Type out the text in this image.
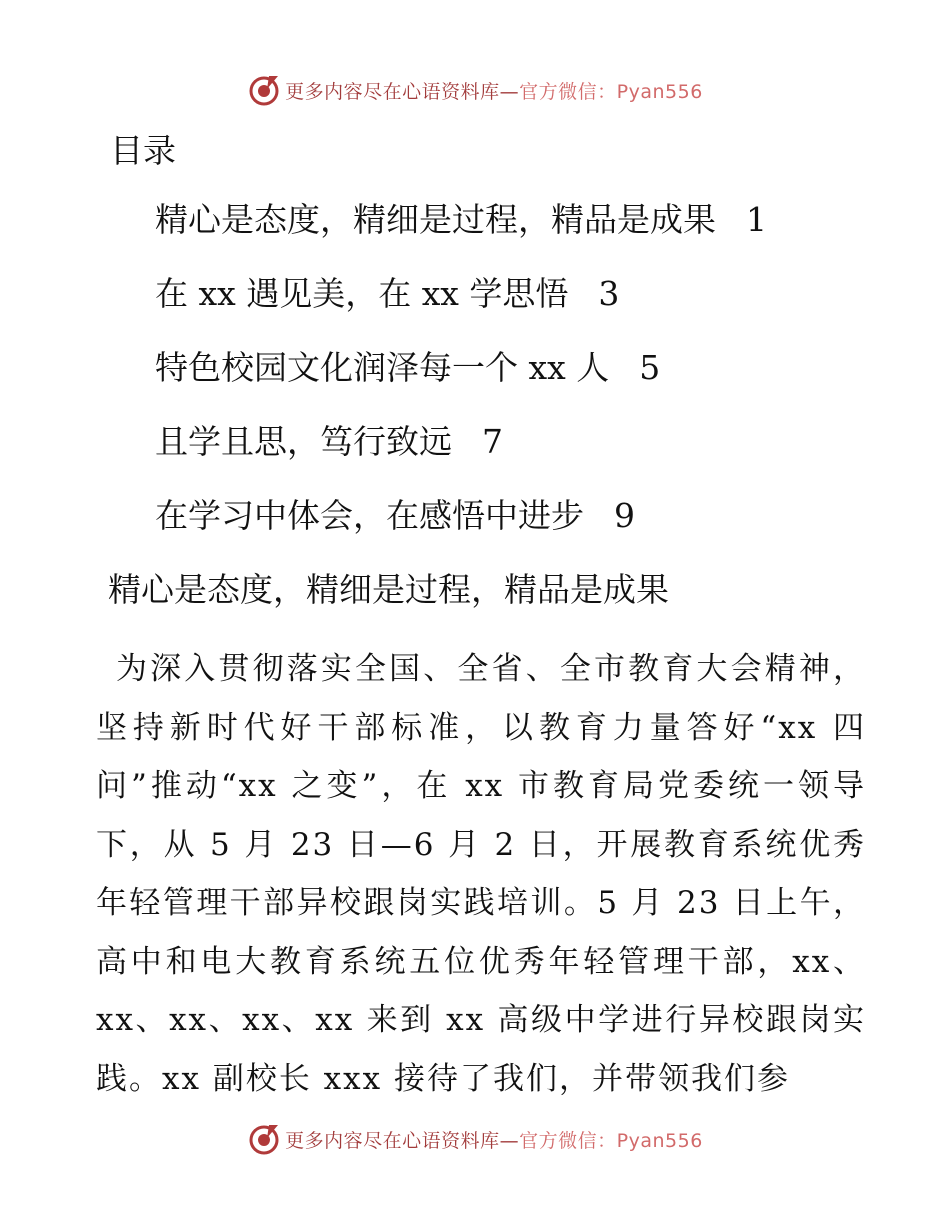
更多内容尽在心语资料库—官方微信：Pyan556
目录
精心是态度，精细是过程，精品是成果 1
在 xx 遇见美，在 xx 学思悟 3
特色校园文化润泽每一个 xx 人 5
且学且思，笃行致远 7
在学习中体会，在感悟中进步 9
精心是态度，精细是过程，精品是成果

为深入贯彻落实全国、全省、全市教育大会精神，坚持新时代好干部标准，以教育力量答好“xx 四问”推动“xx 之变”，在 xx 市教育局党委统一领导下，从 5 月 23 日—6 月 2 日，开展教育系统优秀年轻管理干部异校跟岗实践培训。5 月 23 日上午，高中和电大教育系统五位优秀年轻管理干部，xx、xx、xx、xx、xx 来到 xx 高级中学进行异校跟岗实践。xx 副校长 xxx 接待了我们，并带领我们参

更多内容尽在心语资料库—官方微信：Pyan556
